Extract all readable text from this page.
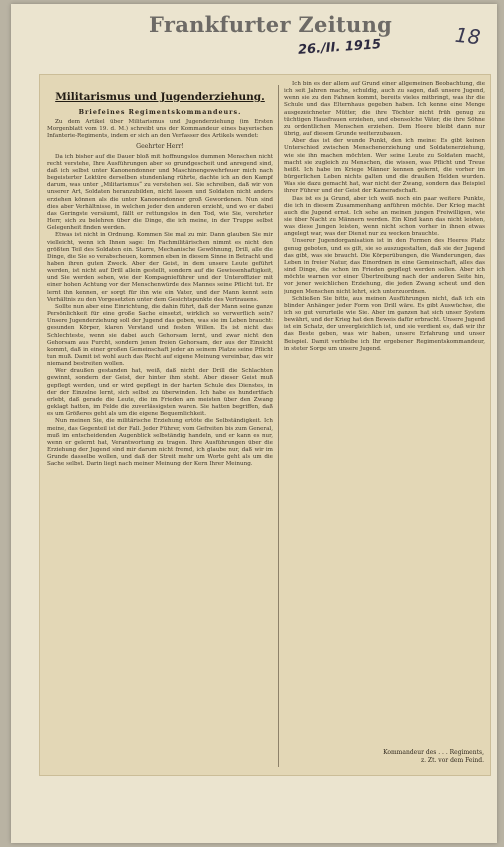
Frankfurter Zeitung
26./II. 1915	18
Militarismus und Jugenderziehung.
Briefeines Regimentskommandeurs.

Zu dem Artikel über Militarismus und Jugenderziehung (im Ersten Morgenblatt vom 19. d. M.) schreibt uns der Kommandeur eines bayerischen Infanterie-Regiments, indem er sich an den Verfasser des Artikels wendet:

Geehrter Herr!

Da ich bisher auf die Dauer bloß mit hoffnungslos dummen Menschen nicht recht verstehe, Ihre Ausführungen aber so grundgescheit und anregend sind, daß ich selbst unter Kanonendonner und Maschinengewehrfeuer mich nach begeisterter Lektüre derselben stundenlang rührte, dachte ich an den Kampf darum, was unter „Militarismus“ zu verstehen sei. Sie schreiben, daß wir von unserer Art, Soldaten heranzubilden, nicht lassen und Soldaten nicht anders erziehen können als die unter Kanonendonner groß Gewordenen. Nun sind dies aber Verhältnisse, in welchen jeder den anderen erzieht, und wo er dabei das Geringste versäumt, fällt er rettungslos in den Tod, wie Sie, verehrter Herr, sich zu belehren über die Dinge, die ich meine, in der Truppe selbst Gelegenheit finden werden.

Etwas ist nicht in Ordnung. Kommen Sie mal zu mir. Dann glauben Sie mir vielleicht, wenn ich Ihnen sage: Im Fachmilitärischen nimmt es nicht den größten Teil des Soldaten ein. Starre, Mechanische Gewöhnung, Drill, alle die Dinge, die Sie so verabscheuen, kommen eben in diesem Sinne in Betracht und haben ihren guten Zweck. Aber der Geist, in dem unsere Leute geführt werden, ist nicht auf Drill allein gestellt, sondern auf die Gewissenhaftigkeit, und Sie werden sehen, wie der Kompagnieführer und der Unteroffizier mit einer hohen Achtung vor der Menschenwürde des Mannes seine Pflicht tut. Er lernt ihn kennen, er sorgt für ihn wie ein Vater, und der Mann kennt sein Verhältnis zu den Vorgesetzten unter dem Gesichtspunkte des Vertrauens.

Sollte nun aber eine Einrichtung, die dahin führt, daß der Mann seine ganze Persönlichkeit für eine große Sache einsetzt, wirklich so verwerflich sein? Unsere Jugenderziehung soll der Jugend das geben, was sie im Leben braucht: gesunden Körper, klaren Verstand und festen Willen. Es ist nicht das Schlechteste, wenn sie dabei auch Gehorsam lernt, und zwar nicht den Gehorsam aus Furcht, sondern jenen freien Gehorsam, der aus der Einsicht kommt, daß in einer großen Gemeinschaft jeder an seinem Platze seine Pflicht tun muß. Damit ist wohl auch das Recht auf eigene Meinung vereinbar, das wir niemand bestreiten wollen.

Wer draußen gestanden hat, weiß, daß nicht der Drill die Schlachten gewinnt, sondern der Geist, der hinter ihm steht. Aber dieser Geist muß gepflegt werden, und er wird gepflegt in der harten Schule des Dienstes, in der der Einzelne lernt, sich selbst zu überwinden. Ich habe es hundertfach erlebt, daß gerade die Leute, die im Frieden am meisten über den Zwang geklagt hatten, im Felde die zuverlässigsten waren. Sie hatten begriffen, daß es um Größeres geht als um die eigene Bequemlichkeit.

Nun meinen Sie, die militärische Erziehung ertöte die Selbständigkeit. Ich meine, das Gegenteil ist der Fall. Jeder Führer, vom Gefreiten bis zum General, muß im entscheidenden Augenblick selbständig handeln, und er kann es nur, wenn er gelernt hat, Verantwortung zu tragen. Ihre Ausführungen über die Erziehung der Jugend sind mir darum nicht fremd, ich glaube nur, daß wir im Grunde dasselbe wollen, und daß der Streit mehr um Worte geht als um die Sache selbst. Darin liegt nach meiner Meinung der Kern Ihrer Meinung.

Ich bin es der allem auf Grund einer allgemeinen Beobachtung, die ich seit Jahren mache, schuldig, auch zu sagen, daß unsere Jugend, wenn sie zu den Fahnen kommt, bereits vieles mitbringt, was ihr die Schule und das Elternhaus gegeben haben. Ich kenne eine Menge ausgezeichneter Mütter, die ihre Töchter nicht früh genug zu tüchtigen Hausfrauen erziehen, und ebensolche Väter, die ihre Söhne zu ordentlichen Menschen erziehen. Dem Heere bleibt dann nur übrig, auf diesem Grunde weiterzubauen.

Aber das ist der wunde Punkt, den ich meine: Es gibt keinen Unterschied zwischen Menschenerziehung und Soldatenerziehung, wie sie ihn machen möchten. Wer seine Leute zu Soldaten macht, macht sie zugleich zu Menschen, die wissen, was Pflicht und Treue heißt. Ich habe im Kriege Männer kennen gelernt, die vorher im bürgerlichen Leben nichts galten und die draußen Helden wurden. Was sie dazu gemacht hat, war nicht der Zwang, sondern das Beispiel ihrer Führer und der Geist der Kameradschaft.

Das ist es ja Grund, aber ich weiß noch ein paar weitere Punkte, die ich in diesem Zusammenhang anführen möchte. Der Krieg macht auch die Jugend ernst. Ich sehe an meinen jungen Freiwilligen, wie sie über Nacht zu Männern werden. Ein Kind kann das nicht leisten, was diese Jungen leisten, wenn nicht schon vorher in ihnen etwas angelegt war, was der Dienst nur zu wecken brauchte.

Unserer Jugendorganisation ist in den Formen des Heeres Platz genug geboten, und es gilt, sie so auszugestalten, daß sie der Jugend das gibt, was sie braucht. Die Körperübungen, die Wanderungen, das Leben in freier Natur, das Einordnen in eine Gemeinschaft, alles das sind Dinge, die schon im Frieden gepflegt werden sollen. Aber ich möchte warnen vor einer Übertreibung nach der anderen Seite hin, vor jener weichlichen Erziehung, die jeden Zwang scheut und den jungen Menschen nicht lehrt, sich unterzuordnen.

Schließen Sie bitte, aus meinen Ausführungen nicht, daß ich ein blinder Anhänger jeder Form von Drill wäre. Es gibt Auswüchse, die ich so gut verurteile wie Sie. Aber im ganzen hat sich unser System bewährt, und der Krieg hat den Beweis dafür erbracht. Unsere Jugend ist ein Schatz, der unvergleichlich ist, und sie verdient es, daß wir ihr das Beste geben, was wir haben, unsere Erfahrung und unser Beispiel. Damit verbleibe ich Ihr ergebener Regimentskommandeur, in steter Sorge um unsere Jugend.

Kommandeur des . . . Regiments,
z. Zt. vor dem Feind.
